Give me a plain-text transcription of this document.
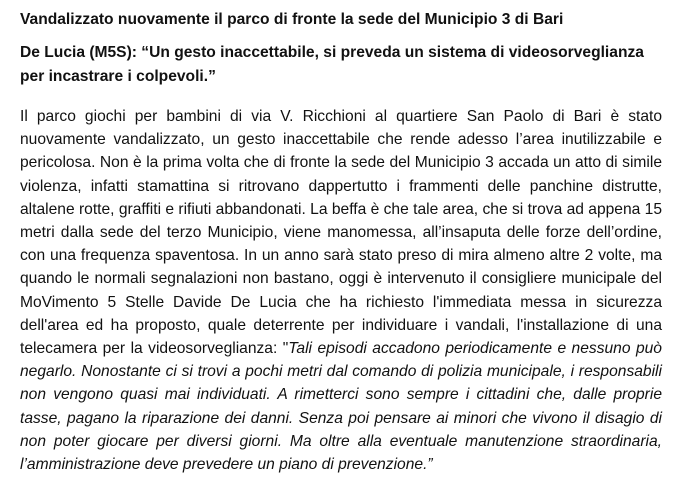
Vandalizzato nuovamente il parco di fronte la sede del Municipio 3 di Bari
De Lucia (M5S): “Un gesto inaccettabile, si preveda un sistema di videosorveglianza per incastrare i colpevoli.”

Il parco giochi per bambini di via V. Ricchioni al quartiere San Paolo di Bari è stato nuovamente vandalizzato, un gesto inaccettabile che rende adesso l’area inutilizzabile e pericolosa. Non è la prima volta che di fronte la sede del Municipio 3 accada un atto di simile violenza, infatti stamattina si ritrovano dappertutto i frammenti delle panchine distrutte, altalene rotte, graffiti e rifiuti abbandonati. La beffa è che tale area, che si trova ad appena 15 metri dalla sede del terzo Municipio, viene manomessa, all’insaputa delle forze dell’ordine, con una frequenza spaventosa. In un anno sarà stato preso di mira almeno altre 2 volte, ma quando le normali segnalazioni non bastano, oggi è intervenuto il consigliere municipale del MoVimento 5 Stelle Davide De Lucia che ha richiesto l'immediata messa in sicurezza dell'area ed ha proposto, quale deterrente per individuare i vandali, l'installazione di una telecamera per la videosorveglianza: "Tali episodi accadono periodicamente e nessuno può negarlo. Nonostante ci si trovi a pochi metri dal comando di polizia municipale, i responsabili non vengono quasi mai individuati. A rimetterci sono sempre i cittadini che, dalle proprie tasse, pagano la riparazione dei danni. Senza poi pensare ai minori che vivono il disagio di non poter giocare per diversi giorni. Ma oltre alla eventuale manutenzione straordinaria, l’amministrazione deve prevedere un piano di prevenzione.”
